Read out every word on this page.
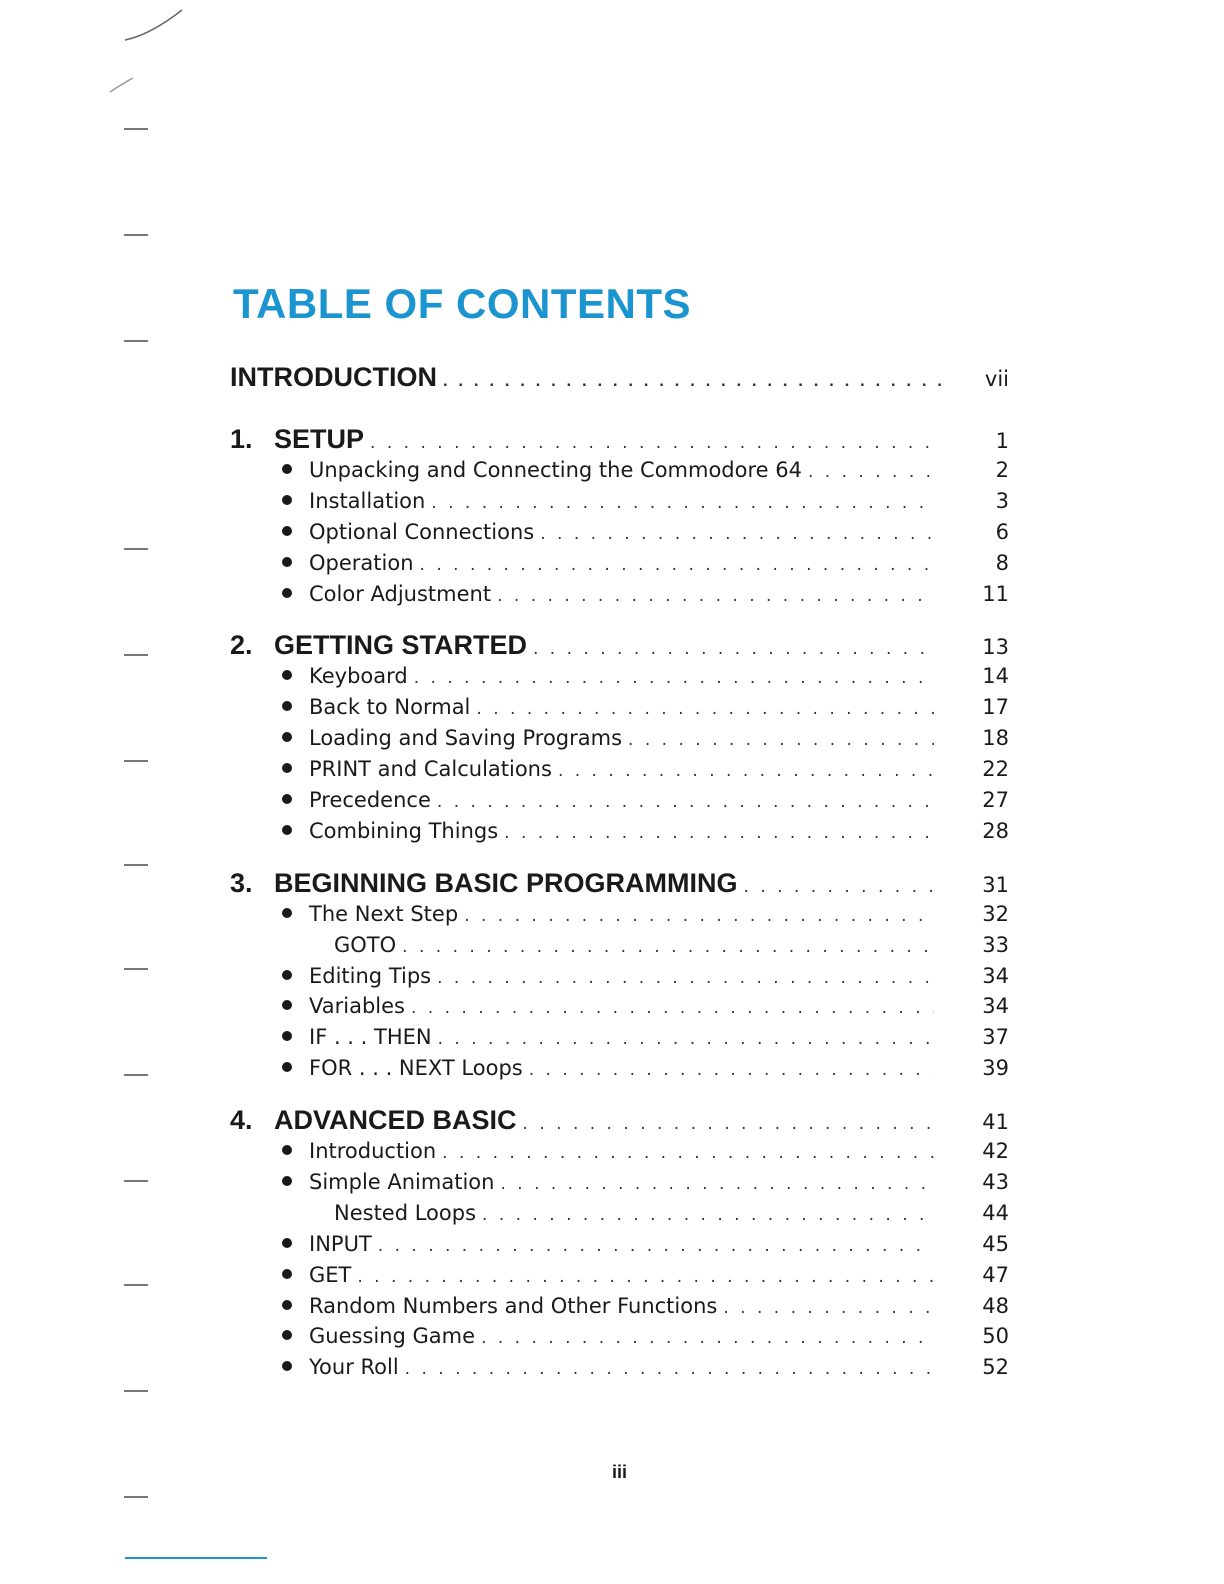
TABLE OF CONTENTS
INTRODUCTION . . .	vii
1. SETUP . . .	1
Unpacking and Connecting the Commodore 64 . . .	2
Installation . . .	3
Optional Connections . . .	6
Operation . . .	8
Color Adjustment . . .	11
2. GETTING STARTED . . .	13
Keyboard . . .	14
Back to Normal . . .	17
Loading and Saving Programs . . .	18
PRINT and Calculations . . .	22
Precedence . . .	27
Combining Things . . .	28
3. BEGINNING BASIC PROGRAMMING . . .	31
The Next Step . . .	32
GOTO . . .	33
Editing Tips . . .	34
Variables . . .	34
IF . . . THEN . . .	37
FOR . . . NEXT Loops . . .	39
4. ADVANCED BASIC . . .	41
Introduction . . .	42
Simple Animation . . .	43
Nested Loops . . .	44
INPUT . . .	45
GET . . .	47
Random Numbers and Other Functions . . .	48
Guessing Game . . .	50
Your Roll . . .	52
iii
